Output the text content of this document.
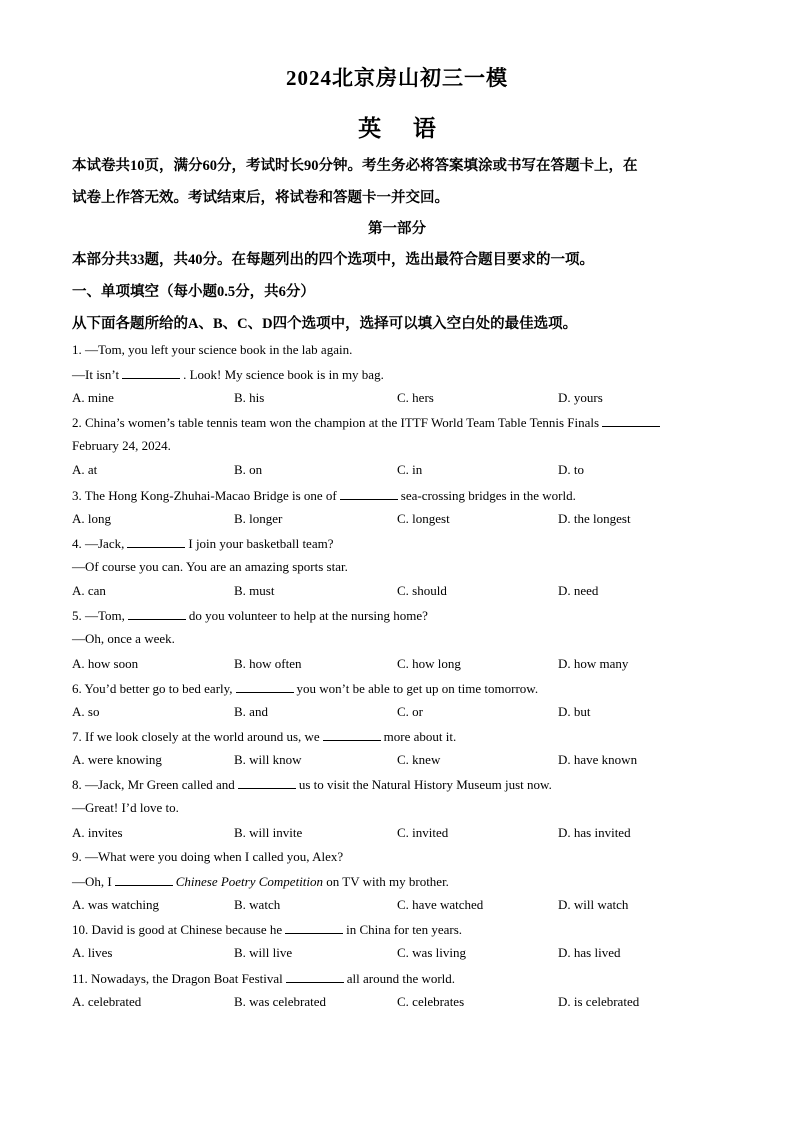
2024北京房山初三一模
英 语
本试卷共10页，满分60分，考试时长90分钟。考生务必将答案填涂或书写在答题卡上，在
试卷上作答无效。考试结束后，将试卷和答题卡一并交回。
第一部分
本部分共33题，共40分。在每题列出的四个选项中，选出最符合题目要求的一项。
一、单项填空（每小题0.5分，共6分）
从下面各题所给的A、B、C、D四个选项中，选择可以填入空白处的最佳选项。
1. —Tom, you left your science book in the lab again.
—It isn’t	. Look! My science book is in my bag.
A. mine	B. his	C. hers	D. yours
2. China’s women’s table tennis team won the champion at the ITTF World Team Table Tennis Finals
February 24, 2024.
A. at	B. on	C. in	D. to
3. The Hong Kong-Zhuhai-Macao Bridge is one of	sea-crossing bridges in the world.
A. long	B. longer	C. longest	D. the longest
4. —Jack,	I join your basketball team?
—Of course you can. You are an amazing sports star.
A. can	B. must	C. should	D. need
5. —Tom,	do you volunteer to help at the nursing home?
—Oh, once a week.
A. how soon	B. how often	C. how long	D. how many
6. You’d better go to bed early,	you won’t be able to get up on time tomorrow.
A. so	B. and	C. or	D. but
7. If we look closely at the world around us, we	more about it.
A. were knowing	B. will know	C. knew	D. have known
8. —Jack, Mr Green called and	us to visit the Natural History Museum just now.
—Great! I’d love to.
A. invites	B. will invite	C. invited	D. has invited
9. —What were you doing when I called you, Alex?
—Oh, I	Chinese Poetry Competition on TV with my brother.
A. was watching	B. watch	C. have watched	D. will watch
10. David is good at Chinese because he	in China for ten years.
A. lives	B. will live	C. was living	D. has lived
11. Nowadays, the Dragon Boat Festival	all around the world.
A. celebrated	B. was celebrated	C. celebrates	D. is celebrated
